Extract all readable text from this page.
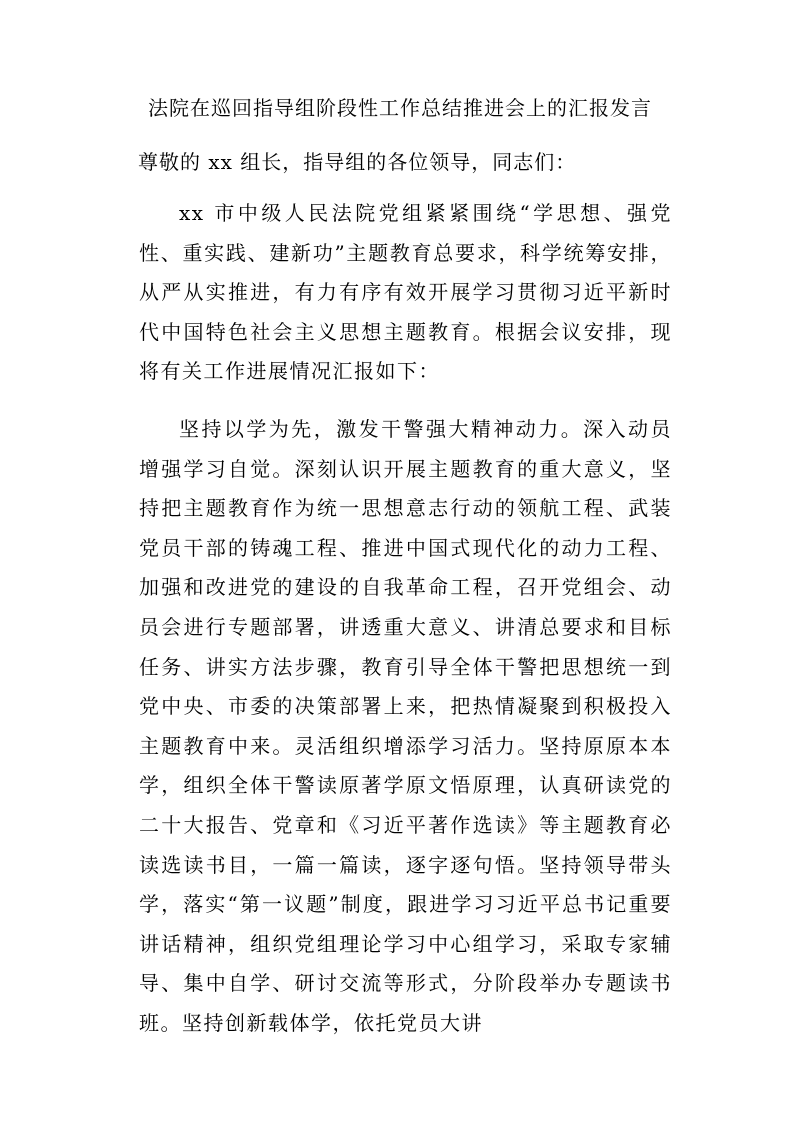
法院在巡回指导组阶段性工作总结推进会上的汇报发言
尊敬的 xx 组长，指导组的各位领导，同志们：

xx 市中级人民法院党组紧紧围绕“学思想、强党性、重实践、建新功”主题教育总要求，科学统筹安排，从严从实推进，有力有序有效开展学习贯彻习近平新时代中国特色社会主义思想主题教育。根据会议安排，现将有关工作进展情况汇报如下：

坚持以学为先，激发干警强大精神动力。深入动员增强学习自觉。深刻认识开展主题教育的重大意义，坚持把主题教育作为统一思想意志行动的领航工程、武装党员干部的铸魂工程、推进中国式现代化的动力工程、加强和改进党的建设的自我革命工程，召开党组会、动员会进行专题部署，讲透重大意义、讲清总要求和目标任务、讲实方法步骤，教育引导全体干警把思想统一到党中央、市委的决策部署上来，把热情凝聚到积极投入主题教育中来。灵活组织增添学习活力。坚持原原本本学，组织全体干警读原著学原文悟原理，认真研读党的二十大报告、党章和《习近平著作选读》等主题教育必读选读书目，一篇一篇读，逐字逐句悟。坚持领导带头学，落实“第一议题”制度，跟进学习习近平总书记重要讲话精神，组织党组理论学习中心组学习，采取专家辅导、集中自学、研讨交流等形式，分阶段举办专题读书班。坚持创新载体学，依托党员大讲
